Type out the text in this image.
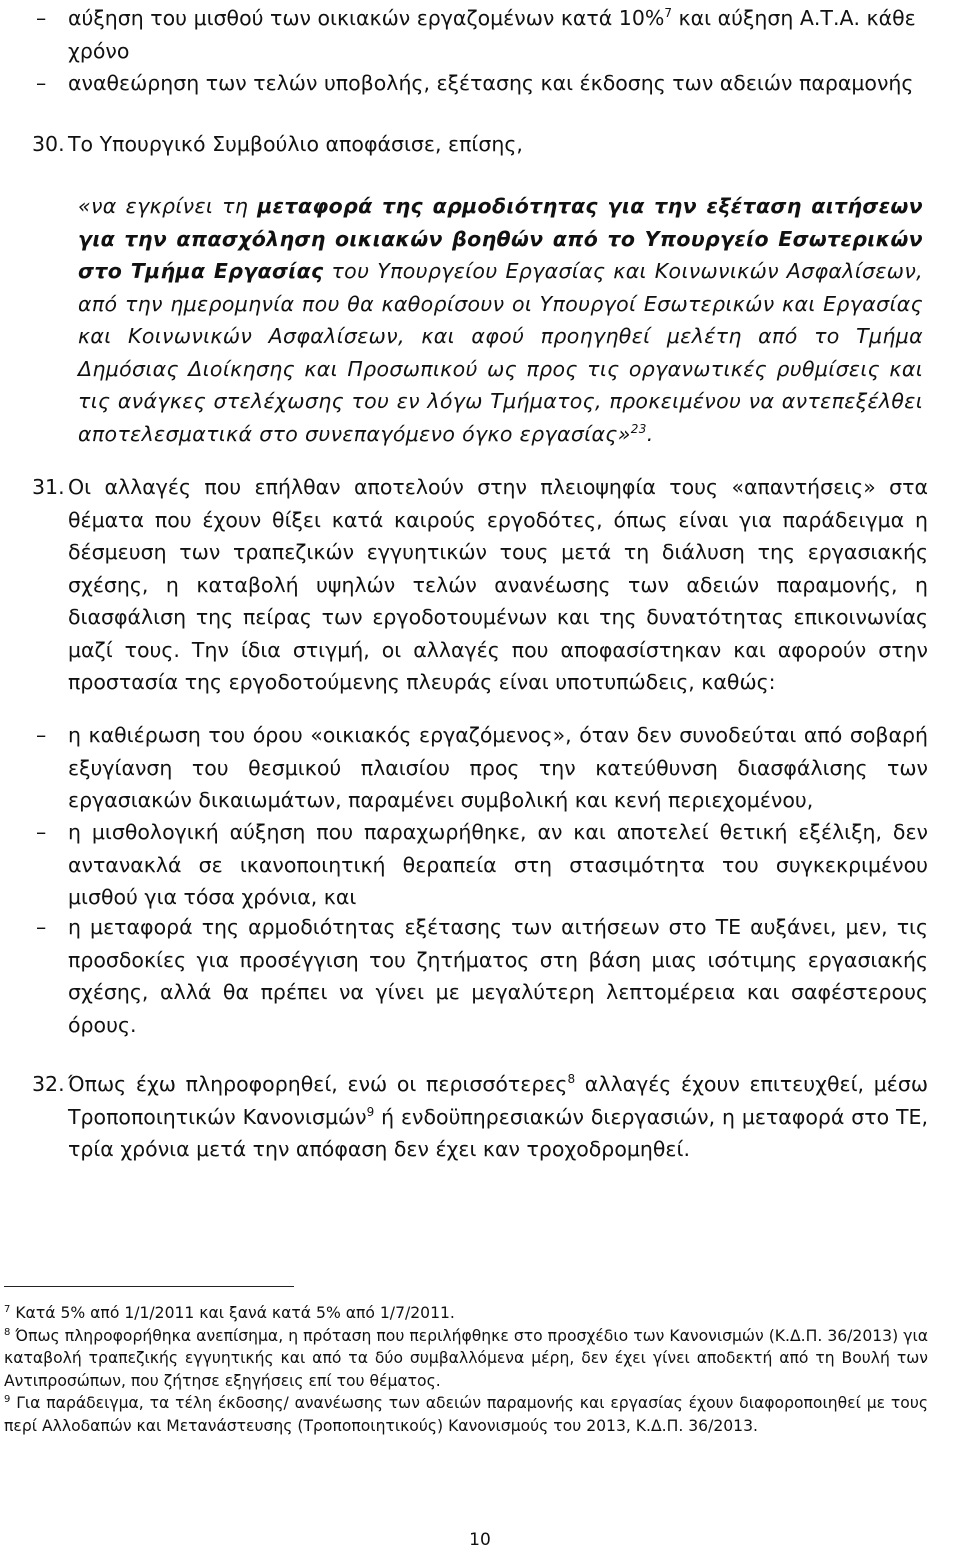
– αύξηση του μισθού των οικιακών εργαζομένων κατά 10%$^7$ και αύξηση Α.Τ.Α. κάθε χρόνο
– αναθεώρηση των τελών υποβολής, εξέτασης και έκδοσης των αδειών παραμονής
30. Το Υπουργικό Συμβούλιο αποφάσισε, επίσης,
«να εγκρίνει τη μεταφορά της αρμοδιότητας για την εξέταση αιτήσεων για την απασχόληση οικιακών βοηθών από το Υπουργείο Εσωτερικών στο Τμήμα Εργασίας του Υπουργείου Εργασίας και Κοινωνικών Ασφαλίσεων, από την ημερομηνία που θα καθορίσουν οι Υπουργοί Εσωτερικών και Εργασίας και Κοινωνικών Ασφαλίσεων, και αφού προηγηθεί μελέτη από το Τμήμα Δημόσιας Διοίκησης και Προσωπικού ως προς τις οργανωτικές ρυθμίσεις και τις ανάγκες στελέχωσης του εν λόγω Τμήματος, προκειμένου να αντεπεξέλθει αποτελεσματικά στο συνεπαγόμενο όγκο εργασίας»$^{23}$.
31. Οι αλλαγές που επήλθαν αποτελούν στην πλειοψηφία τους «απαντήσεις» στα θέματα που έχουν θίξει κατά καιρούς εργοδότες, όπως είναι για παράδειγμα η δέσμευση των τραπεζικών εγγυητικών τους μετά τη διάλυση της εργασιακής σχέσης, η καταβολή υψηλών τελών ανανέωσης των αδειών παραμονής, η διασφάλιση της πείρας των εργοδοτουμένων και της δυνατότητας επικοινωνίας μαζί τους. Την ίδια στιγμή, οι αλλαγές που αποφασίστηκαν και αφορούν στην προστασία της εργοδοτούμενης πλευράς είναι υποτυπώδεις, καθώς:
– η καθιέρωση του όρου «οικιακός εργαζόμενος», όταν δεν συνοδεύται από σοβαρή εξυγίανση του θεσμικού πλαισίου προς την κατεύθυνση διασφάλισης των εργασιακών δικαιωμάτων, παραμένει συμβολική και κενή περιεχομένου,
– η μισθολογική αύξηση που παραχωρήθηκε, αν και αποτελεί θετική εξέλιξη, δεν αντανακλά σε ικανοποιητική θεραπεία στη στασιμότητα του συγκεκριμένου μισθού για τόσα χρόνια, και
– η μεταφορά της αρμοδιότητας εξέτασης των αιτήσεων στο ΤΕ αυξάνει, μεν, τις προσδοκίες για προσέγγιση του ζητήματος στη βάση μιας ισότιμης εργασιακής σχέσης, αλλά θα πρέπει να γίνει με μεγαλύτερη λεπτομέρεια και σαφέστερους όρους.
32. Όπως έχω πληροφορηθεί, ενώ οι περισσότερες$^8$ αλλαγές έχουν επιτευχθεί, μέσω Τροποποιητικών Κανονισμών$^9$ ή ενδοϋπηρεσιακών διεργασιών, η μεταφορά στο ΤΕ, τρία χρόνια μετά την απόφαση δεν έχει καν τροχοδρομηθεί.

$^7$ Κατά 5% από 1/1/2011 και ξανά κατά 5% από 1/7/2011.

$^8$ Όπως πληροφορήθηκα ανεπίσημα, η πρόταση που περιλήφθηκε στο προσχέδιο των Κανονισμών (Κ.Δ.Π. 36/2013) για καταβολή τραπεζικής εγγυητικής και από τα δύο συμβαλλόμενα μέρη, δεν έχει γίνει αποδεκτή από τη Βουλή των Αντιπροσώπων, που ζήτησε εξηγήσεις επί του θέματος.

$^9$ Για παράδειγμα, τα τέλη έκδοσης/ ανανέωσης των αδειών παραμονής και εργασίας έχουν διαφοροποιηθεί με τους περί Αλλοδαπών και Μετανάστευσης (Τροποποιητικούς) Κανονισμούς του 2013, Κ.Δ.Π. 36/2013.

10
